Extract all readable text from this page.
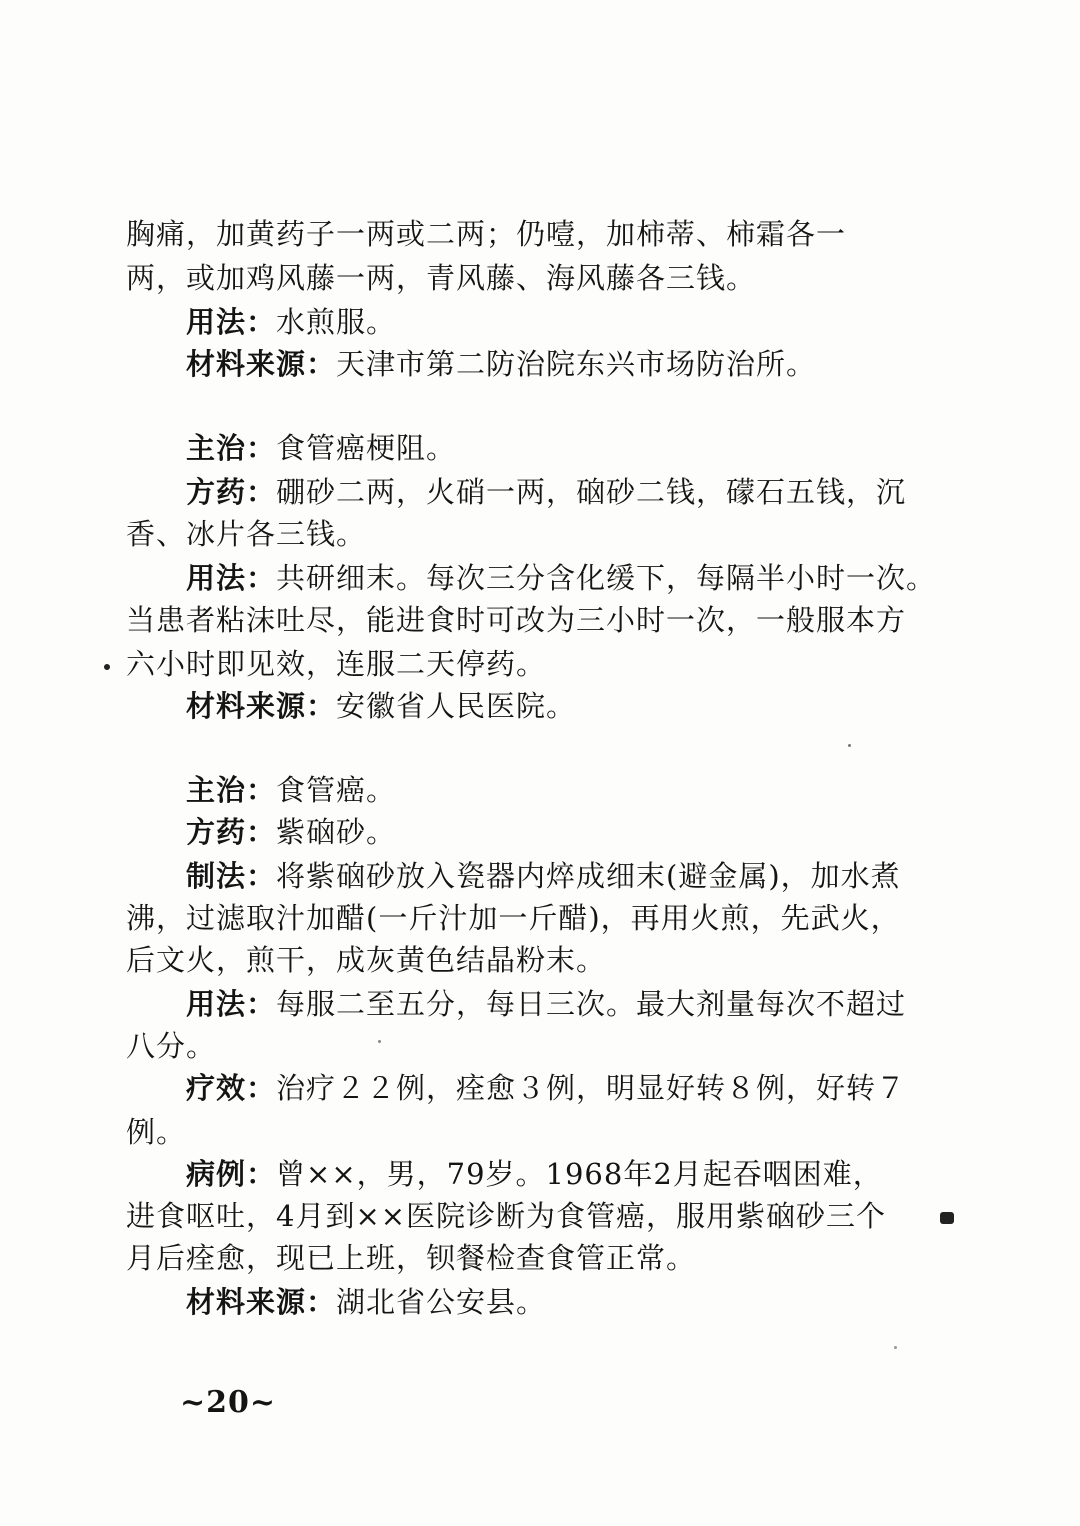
胸痛，加黄药子一两或二两；仍噎，加柿蒂、柿霜各一
两，或加鸡风藤一两，青风藤、海风藤各三钱。
用法：水煎服。
材料来源：天津市第二防治院东兴市场防治所。
主治：食管癌梗阻。
方药：硼砂二两，火硝一两，硇砂二钱，礞石五钱，沉
香、冰片各三钱。
用法：共研细末。每次三分含化缓下，每隔半小时一次。
当患者粘沫吐尽，能进食时可改为三小时一次，一般服本方
六小时即见效，连服二天停药。
材料来源：安徽省人民医院。
主治：食管癌。
方药：紫硇砂。
制法：将紫硇砂放入瓷器内焠成细末(避金属)，加水煮
沸，过滤取汁加醋(一斤汁加一斤醋)，再用火煎，先武火，
后文火，煎干，成灰黄色结晶粉末。
用法：每服二至五分，每日三次。最大剂量每次不超过
八分。
疗效：治疗２２例，痊愈３例，明显好转８例，好转７
例。
病例：曾××，男，79岁。1968年2月起吞咽困难，
进食呕吐，4月到××医院诊断为食管癌，服用紫硇砂三个
月后痊愈，现已上班，钡餐检查食管正常。
材料来源：湖北省公安县。
~20~
